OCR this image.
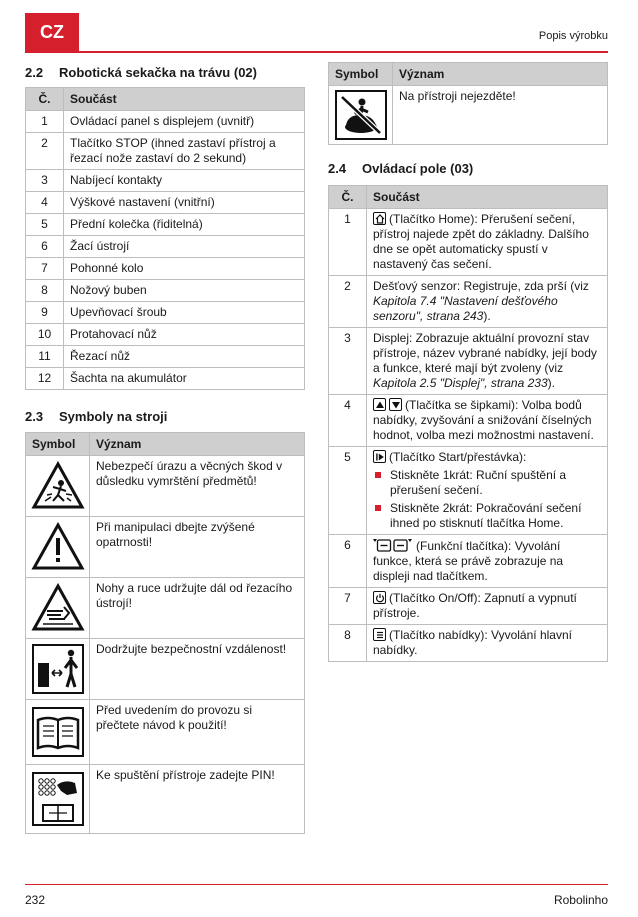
CZ	Popis výrobku
2.2 Robotická sekačka na trávu (02)
Č.	Součást
1	Ovládací panel s displejem (uvnitř)
2	Tlačítko STOP (ihned zastaví přístroj a řezací nože zastaví do 2 sekund)
3	Nabíjecí kontakty
4	Výškové nastavení (vnitřní)
5	Přední kolečka (řiditelná)
6	Žací ústrojí
7	Pohonné kolo
8	Nožový buben
9	Upevňovací šroub
10	Protahovací nůž
11	Řezací nůž
12	Šachta na akumulátor
2.3 Symboly na stroji
Symbol	Význam

	Nebezpečí úrazu a věcných škod v důsledku vymrštění předmětů!

	Při manipulaci dbejte zvýšené opatrnosti!

	Nohy a ruce udržujte dál od řezacího ústrojí!

	Dodržujte bezpečnostní vzdálenost!

	Před uvedením do provozu si přečtete návod k použití!

	Ke spuštění přístroje zadejte PIN!
Symbol	Význam

	Na přístroji nejezděte!
2.4 Ovládací pole (03)
Č.	Součást
1	(Tlačítko Home): Přerušení sečení, přístroj najede zpět do základny. Dalšího dne se opět automaticky spustí v nastavený čas sečení.
2	Dešťový senzor: Registruje, zda prší (viz Kapitola 7.4 "Nastavení dešťového senzoru", strana 243).
3	Displej: Zobrazuje aktuální provozní stav přístroje, název vybrané nabídky, její body a funkce, které mají být zvoleny (viz Kapitola 2.5 "Displej", strana 233).
4	(Tlačítka se šipkami): Volba bodů nabídky, zvyšování a snižování číselných hodnot, volba mezi možnostmi nastavení.
5	(Tlačítko Start/přestávka):
Stiskněte 1krát: Ruční spuštění a přerušení sečení.
Stiskněte 2krát: Pokračování sečení ihned po stisknutí tlačítka Home.

6	(Funkční tlačítka): Vyvolání funkce, která se právě zobrazuje na displeji nad tlačítkem.
7	(Tlačítko On/Off): Zapnutí a vypnutí přístroje.
8	(Tlačítko nabídky): Vyvolání hlavní nabídky.
232	Robolinho
